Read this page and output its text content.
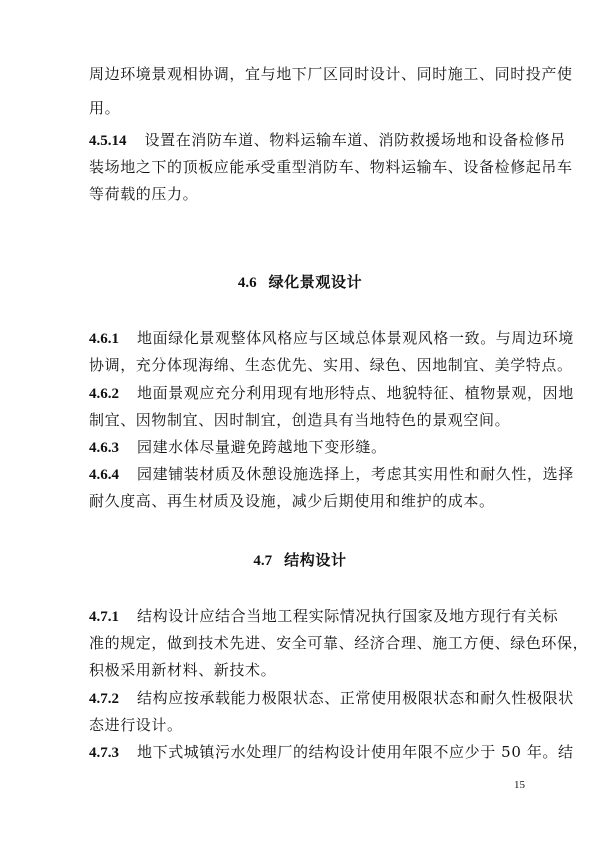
周边环境景观相协调，宜与地下厂区同时设计、同时施工、同时投产使
用。
4.5.14 设置在消防车道、物料运输车道、消防救援场地和设备检修吊
装场地之下的顶板应能承受重型消防车、物料运输车、设备检修起吊车
等荷载的压力。
4.6 绿化景观设计
4.6.1 地面绿化景观整体风格应与区域总体景观风格一致。与周边环境
协调，充分体现海绵、生态优先、实用、绿色、因地制宜、美学特点。
4.6.2 地面景观应充分利用现有地形特点、地貌特征、植物景观，因地
制宜、因物制宜、因时制宜，创造具有当地特色的景观空间。
4.6.3 园建水体尽量避免跨越地下变形缝。
4.6.4 园建铺装材质及休憩设施选择上，考虑其实用性和耐久性，选择
耐久度高、再生材质及设施，减少后期使用和维护的成本。
4.7 结构设计
4.7.1 结构设计应结合当地工程实际情况执行国家及地方现行有关标
准的规定，做到技术先进、安全可靠、经济合理、施工方便、绿色环保，
积极采用新材料、新技术。
4.7.2 结构应按承载能力极限状态、正常使用极限状态和耐久性极限状
态进行设计。
4.7.3 地下式城镇污水处理厂的结构设计使用年限不应少于 50 年。结
15
